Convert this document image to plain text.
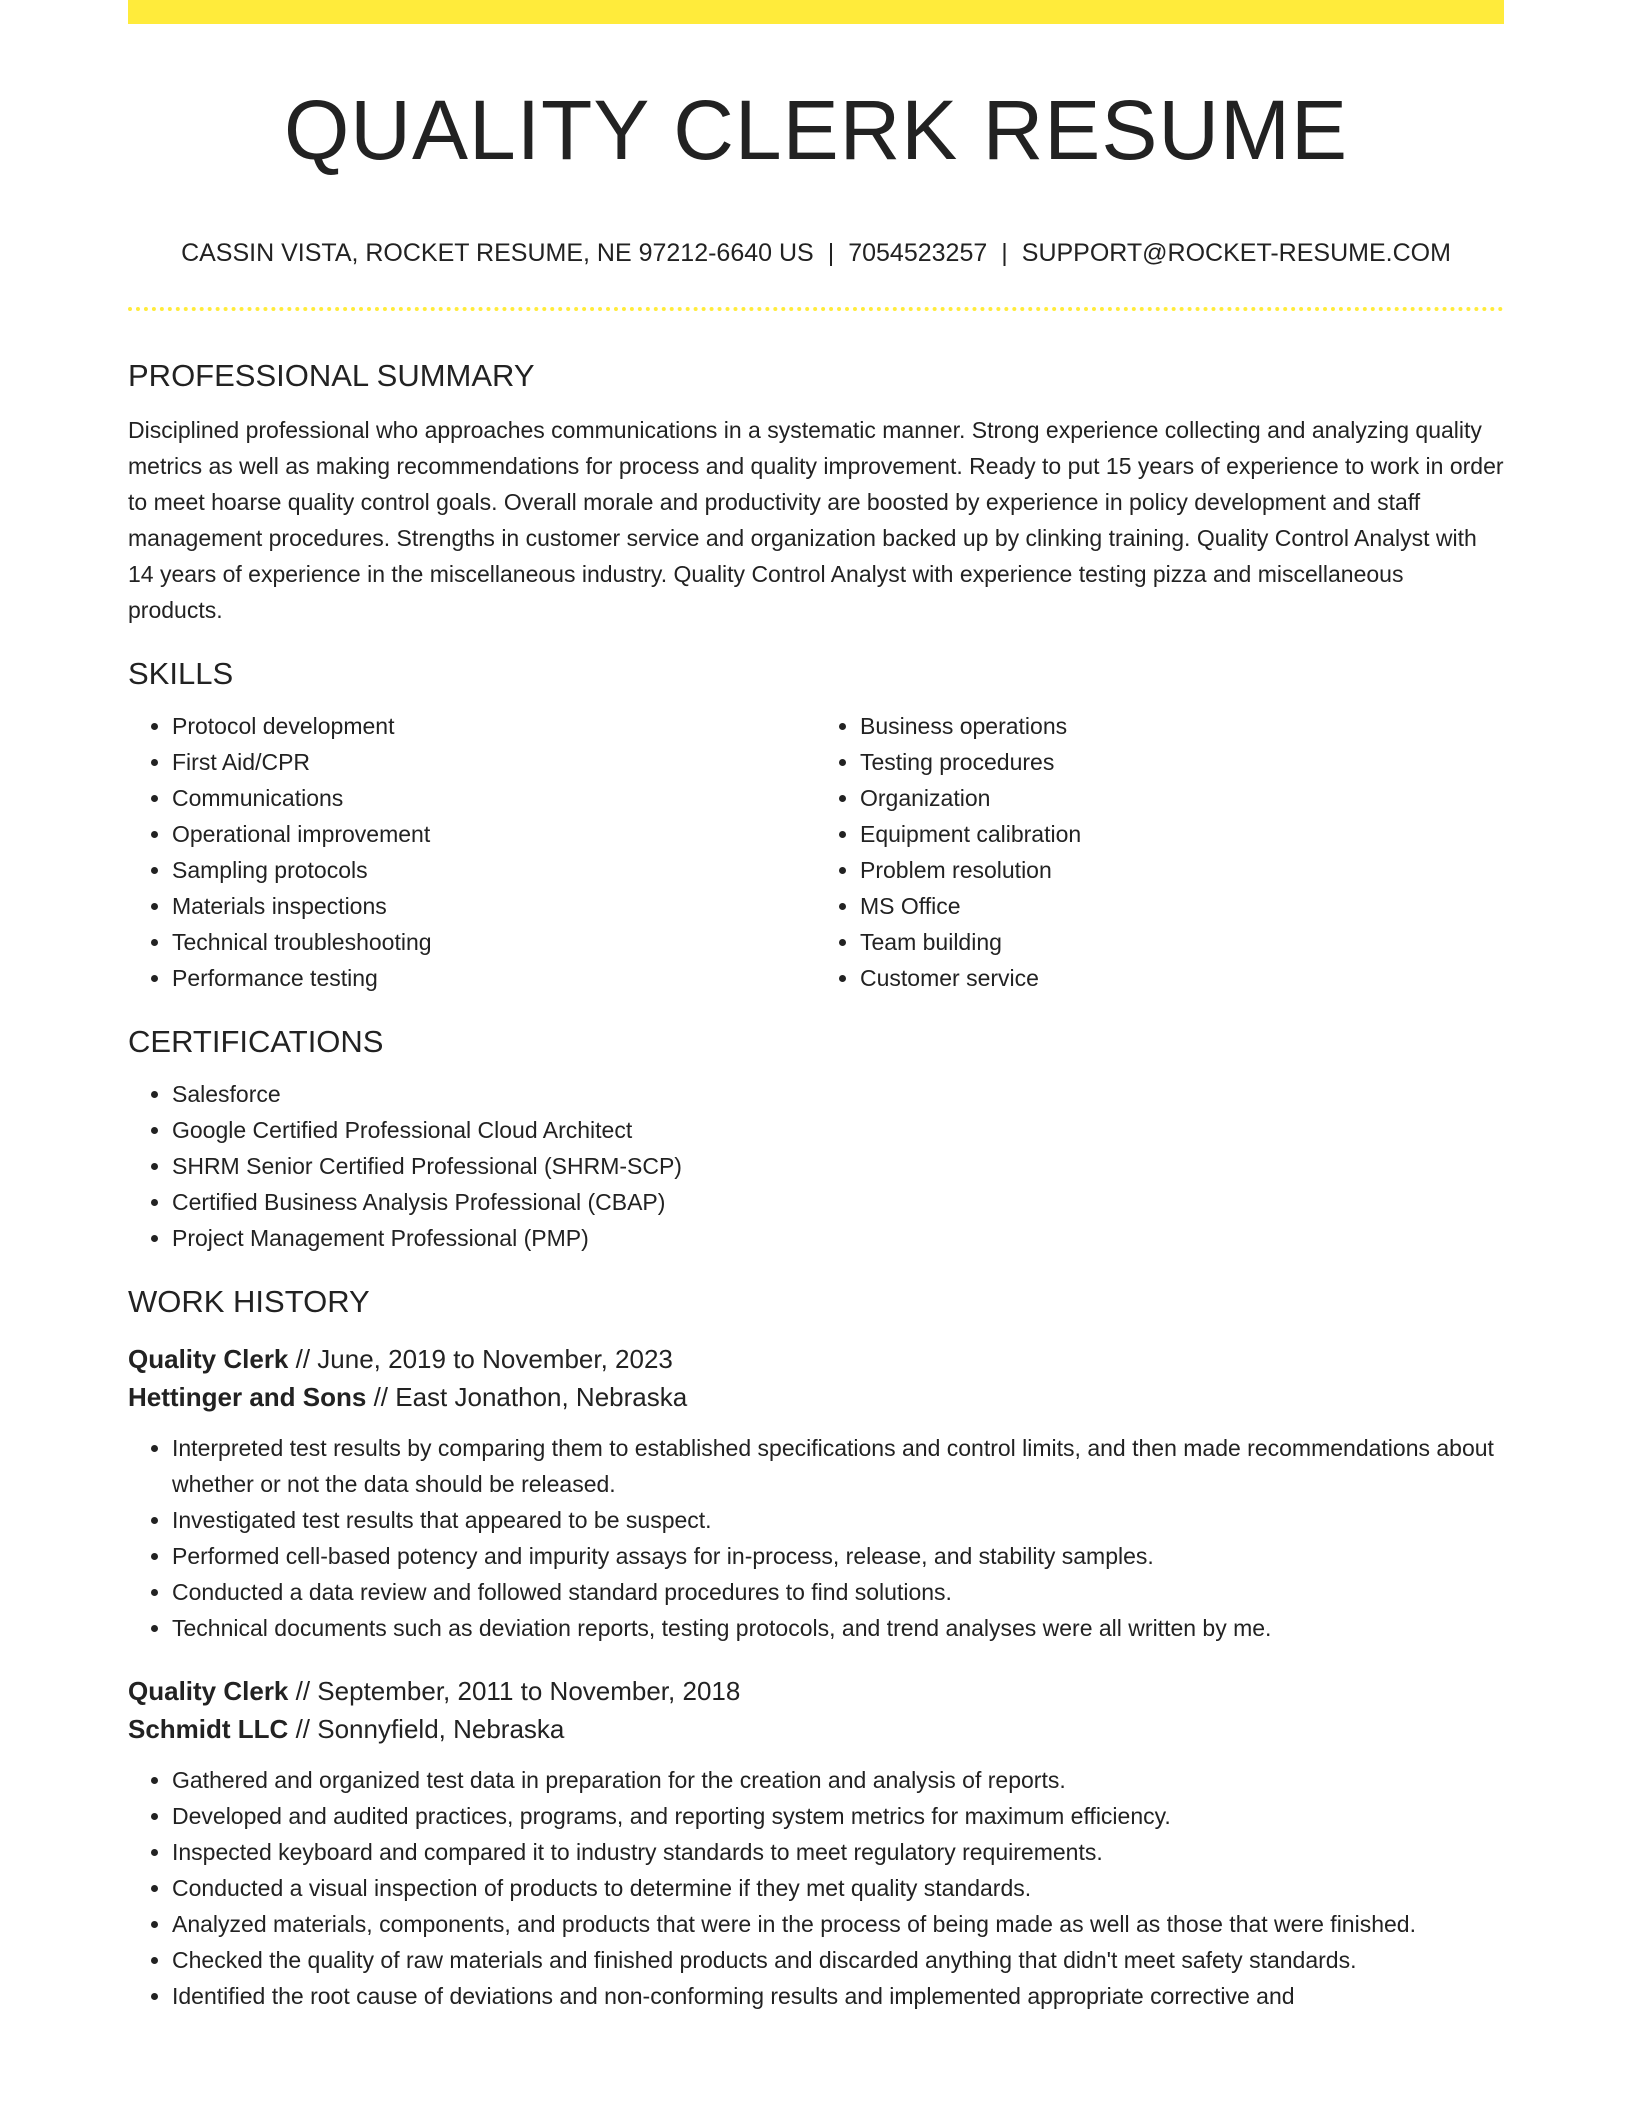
QUALITY CLERK RESUME
CASSIN VISTA, ROCKET RESUME, NE 97212-6640 US | 7054523257 | SUPPORT@ROCKET-RESUME.COM
PROFESSIONAL SUMMARY

Disciplined professional who approaches communications in a systematic manner. Strong experience collecting and analyzing quality metrics as well as making recommendations for process and quality improvement. Ready to put 15 years of experience to work in order to meet hoarse quality control goals. Overall morale and productivity are boosted by experience in policy development and staff management procedures. Strengths in customer service and organization backed up by clinking training. Quality Control Analyst with 14 years of experience in the miscellaneous industry. Quality Control Analyst with experience testing pizza and miscellaneous products.

SKILLS
• Protocol development
• First Aid/CPR
• Communications
• Operational improvement
• Sampling protocols
• Materials inspections
• Technical troubleshooting
• Performance testing
• Business operations
• Testing procedures
• Organization
• Equipment calibration
• Problem resolution
• MS Office
• Team building
• Customer service
CERTIFICATIONS
• Salesforce
• Google Certified Professional Cloud Architect
• SHRM Senior Certified Professional (SHRM-SCP)
• Certified Business Analysis Professional (CBAP)
• Project Management Professional (PMP)
WORK HISTORY
Quality Clerk // June, 2019 to November, 2023
Hettinger and Sons // East Jonathon, Nebraska
• Interpreted test results by comparing them to established specifications and control limits, and then made recommendations about whether or not the data should be released.
• Investigated test results that appeared to be suspect.
• Performed cell-based potency and impurity assays for in-process, release, and stability samples.
• Conducted a data review and followed standard procedures to find solutions.
• Technical documents such as deviation reports, testing protocols, and trend analyses were all written by me.
Quality Clerk // September, 2011 to November, 2018
Schmidt LLC // Sonnyfield, Nebraska
• Gathered and organized test data in preparation for the creation and analysis of reports.
• Developed and audited practices, programs, and reporting system metrics for maximum efficiency.
• Inspected keyboard and compared it to industry standards to meet regulatory requirements.
• Conducted a visual inspection of products to determine if they met quality standards.
• Analyzed materials, components, and products that were in the process of being made as well as those that were finished.
• Checked the quality of raw materials and finished products and discarded anything that didn't meet safety standards.
• Identified the root cause of deviations and non-conforming results and implemented appropriate corrective and
